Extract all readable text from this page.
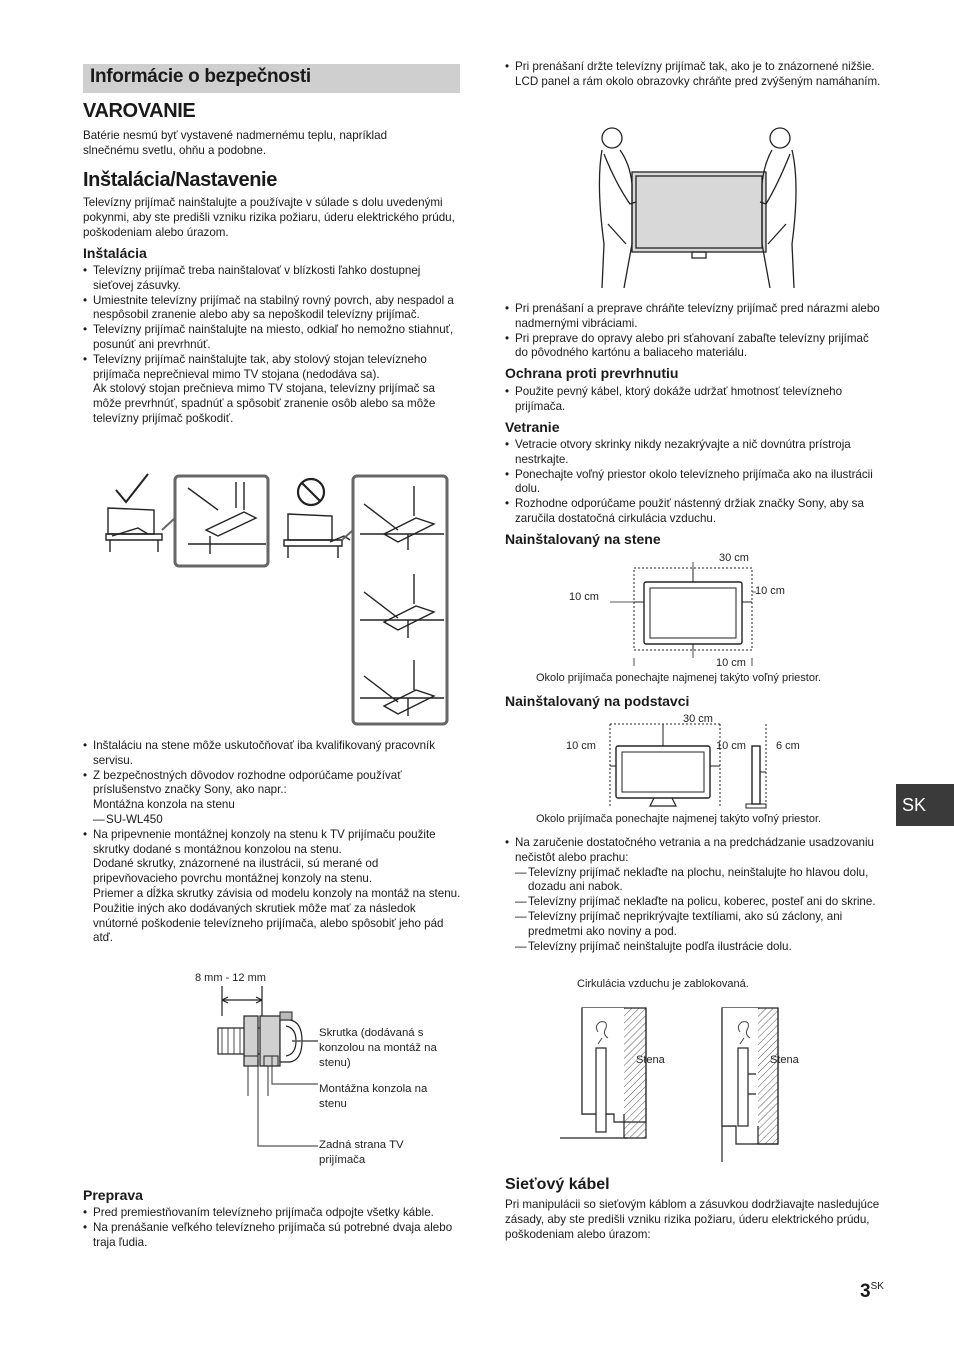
Informácie o bezpečnosti
VAROVANIE
Batérie nesmú byť vystavené nadmernému teplu, napríklad slnečnému svetlu, ohňu a podobne.
Inštalácia/Nastavenie
Televízny prijímač nainštalujte a používajte v súlade s dolu uvedenými pokynmi, aby ste predišli vzniku rizika požiaru, úderu elektrického prúdu, poškodeniam alebo úrazom.
Inštalácia
• Televízny prijímač treba nainštalovať v blízkosti ľahko dostupnej sieťovej zásuvky.
• Umiestnite televízny prijímač na stabilný rovný povrch, aby nespadol a nespôsobil zranenie alebo aby sa nepoškodil televízny prijímač.
• Televízny prijímač nainštalujte na miesto, odkiaľ ho nemožno stiahnuť, posunúť ani prevrhnúť.
• Televízny prijímač nainštalujte tak, aby stolový stojan televízneho prijímača neprečnieval mimo TV stojana (nedodáva sa).
Ak stolový stojan prečnieva mimo TV stojana, televízny prijímač sa môže prevrhnúť, spadnúť a spôsobiť zranenie osôb alebo sa môže televízny prijímač poškodiť.
• Inštaláciu na stene môže uskutočňovať iba kvalifikovaný pracovník servisu.
• Z bezpečnostných dôvodov rozhodne odporúčame používať príslušenstvo značky Sony, ako napr.:
Montážna konzola na stenu
— SU-WL450
• Na pripevnenie montážnej konzoly na stenu k TV prijímaču použite skrutky dodané s montážnou konzolou na stenu.
Dodané skrutky, znázornené na ilustrácii, sú merané od pripevňovacieho povrchu montážnej konzoly na stenu.
Priemer a dĺžka skrutky závisia od modelu konzoly na montáž na stenu.
Použitie iných ako dodávaných skrutiek môže mať za následok vnútorné poškodenie televízneho prijímača, alebo spôsobiť jeho pád atď.
8 mm - 12 mm
Skrutka (dodávaná s konzolou na montáž na stenu)
Montážna konzola na stenu
Zadná strana TV prijímača
Preprava
• Pred premiestňovaním televízneho prijímača odpojte všetky káble.
• Na prenášanie veľkého televízneho prijímača sú potrebné dvaja alebo traja ľudia.
• Pri prenášaní držte televízny prijímač tak, ako je to znázornené nižšie. LCD panel a rám okolo obrazovky chráňte pred zvýšeným namáhaním.
• Pri prenášaní a preprave chráňte televízny prijímač pred nárazmi alebo nadmernými vibráciami.
• Pri preprave do opravy alebo pri sťahovaní zabaľte televízny prijímač do pôvodného kartónu a baliaceho materiálu.
Ochrana proti prevrhnutiu
• Použite pevný kábel, ktorý dokáže udržať hmotnosť televízneho prijímača.
Vetranie
• Vetracie otvory skrinky nikdy nezakrývajte a nič dovnútra prístroja nestrkajte.
• Ponechajte voľný priestor okolo televízneho prijímača ako na ilustrácii dolu.
• Rozhodne odporúčame použiť nástenný držiak značky Sony, aby sa zaručila dostatočná cirkulácia vzduchu.
Nainštalovaný na stene
30 cm
10 cm	10 cm
10 cm
Okolo prijímača ponechajte najmenej takýto voľný priestor.
Nainštalovaný na podstavci
30 cm
10 cm	10 cm	6 cm
Okolo prijímača ponechajte najmenej takýto voľný priestor.
• Na zaručenie dostatočného vetrania a na predchádzanie usadzovaniu nečistôt alebo prachu:
— Televízny prijímač neklaďte na plochu, neinštalujte ho hlavou dolu, dozadu ani nabok.
— Televízny prijímač neklaďte na policu, koberec, posteľ ani do skrine.
— Televízny prijímač neprikrývajte textíliami, ako sú záclony, ani predmetmi ako noviny a pod.
— Televízny prijímač neinštalujte podľa ilustrácie dolu.
Cirkulácia vzduchu je zablokovaná.
Stena	Stena
Sieťový kábel
Pri manipulácii so sieťovým káblom a zásuvkou dodržiavajte nasledujúce zásady, aby ste predišli vzniku rizika požiaru, úderu elektrického prúdu, poškodeniam alebo úrazom:
SK
$3^{SK}$
